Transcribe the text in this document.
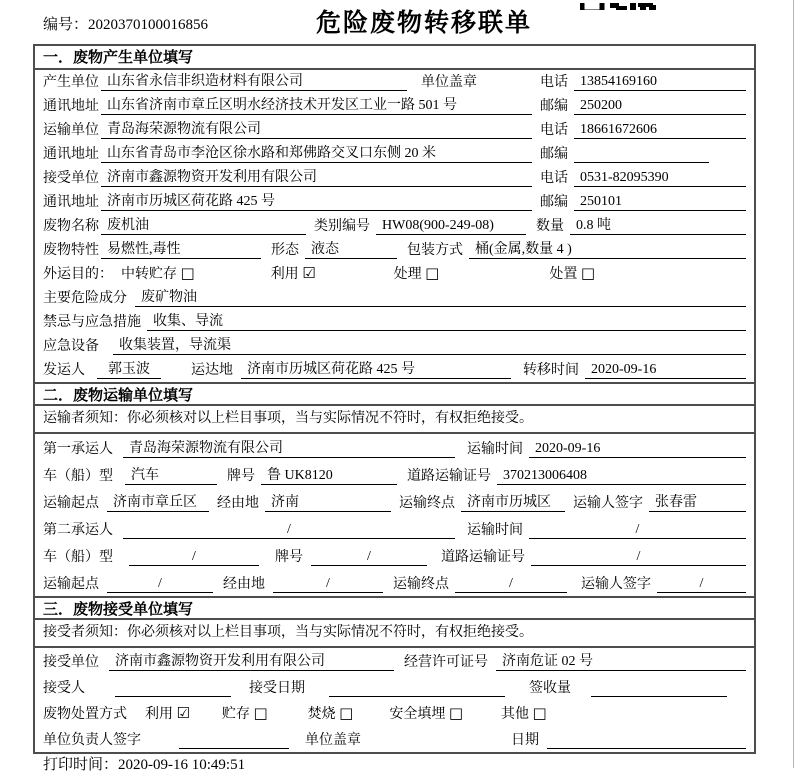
编号：2020370100016856	危险废物转移联单
一．废物产生单位填写
产生单位 山东省永信非织造材料有限公司	单位盖章	电话 13854169160
通讯地址 山东省济南市章丘区明水经济技术开发区工业一路 501 号	邮编 250200
运输单位 青岛海荣源物流有限公司	电话 18661672606
通讯地址 山东省青岛市李沧区徐水路和郑佛路交叉口东侧 20 米	邮编
接受单位 济南市鑫源物资开发利用有限公司	电话 0531-82095390
通讯地址 济南市历城区荷花路 425 号	邮编 250101
废物名称 废机油	类别编号 HW08(900-249-08)	数量 0.8 吨
废物特性 易燃性,毒性	形态 液态	包装方式 桶(金属,数量 4 )
外运目的： 中转贮存 □	利用 ☑	处理 □	处置 □
主要危险成分	废矿物油
禁忌与应急措施 收集、导流
应急设备	收集装置，导流渠
发运人	郭玉波	运达地	济南市历城区荷花路 425 号	转移时间 2020-09-16
二．废物运输单位填写
运输者须知：你必须核对以上栏目事项，当与实际情况不符时，有权拒绝接受。
第一承运人	青岛海荣源物流有限公司	运输时间 2020-09-16
车（船）型	汽车	牌号 鲁 UK8120	道路运输证号 370213006408
运输起点	济南市章丘区	经由地 济南	运输终点 济南市历城区	运输人签字 张春雷
第二承运人	/	运输时间	/
车（船）型	/	牌号	/	道路运输证号	/
运输起点	/	经由地	/	运输终点	/	运输人签字	/
三．废物接受单位填写
接受者须知：你必须核对以上栏目事项，当与实际情况不符时，有权拒绝接受。
接受单位	济南市鑫源物资开发利用有限公司	经营许可证号	济南危证 02 号
接受人	接受日期	签收量
废物处置方式	利用 ☑ 贮存 □	焚烧 □	安全填埋 □	其他 □
单位负责人签字	单位盖章	日期
打印时间：2020-09-16 10:49:51
